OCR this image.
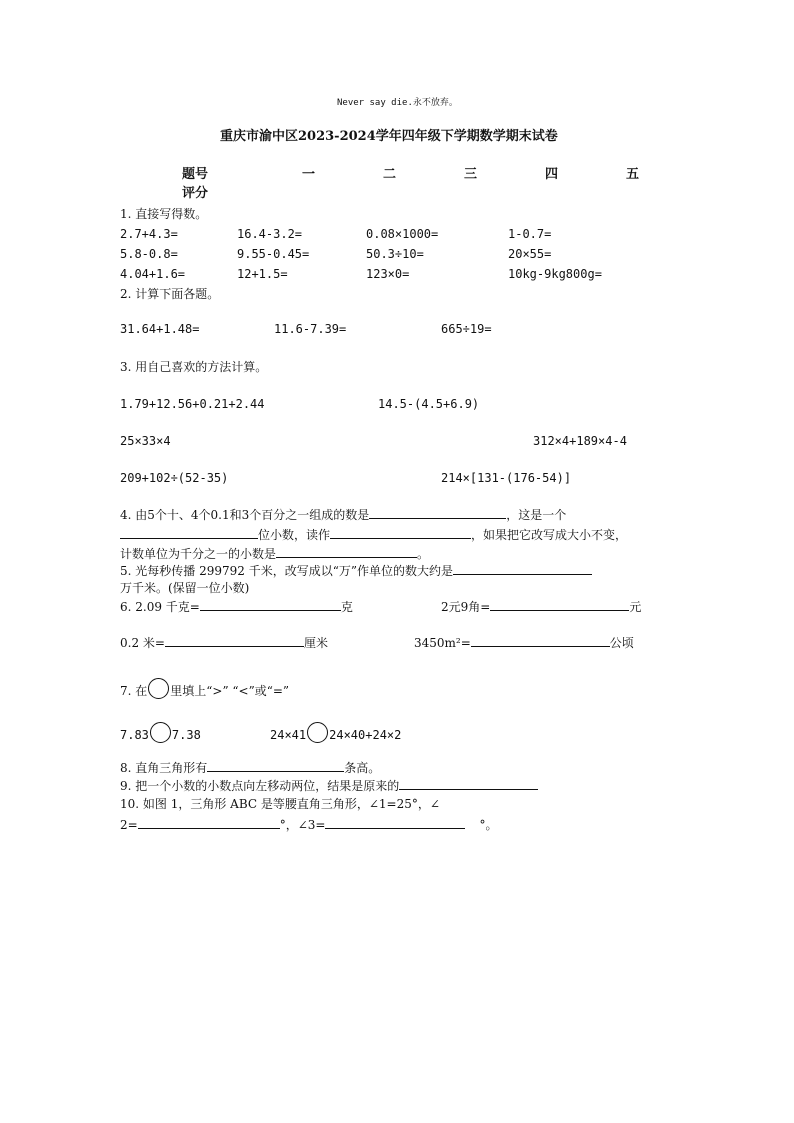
Never say die.永不放弃。
重庆市渝中区2023-2024学年四年级下学期数学期末试卷
题号	一	二	三	四	五
评分
1. 直接写得数。
2.7+4.3=	16.4-3.2=	0.08×1000=	1-0.7=
5.8-0.8=	9.55-0.45=	50.3÷10=	20×55=
4.04+1.6=	12+1.5=	123×0=	10kg-9kg800g=
2. 计算下面各题。
31.64+1.48=	11.6-7.39=	665÷19=
3. 用自己喜欢的方法计算。
1.79+12.56+0.21+2.44	14.5-(4.5+6.9)
25×33×4	312×4+189×4-4
209+102÷(52-35)	214×[131-(176-54)]
4. 由5个十、4个0.1和3个百分之一组成的数是	，这是一个
位小数，读作	，如果把它改写成大小不变，
计数单位为千分之一的小数是	。
5. 光每秒传播 299792 千米，改写成以“万”作单位的数大约是
万千米。(保留一位小数)
6. 2.09 千克=	克	2元9角=	元
0.2 米=	厘米	3450m²=	公顷
7. 在 里填上“>” “<”或“=”
7.83 7.38	24×41 24×40+24×2
8. 直角三角形有	条高。
9. 把一个小数的小数点向左移动两位，结果是原来的
10. 如图 1，三角形 ABC 是等腰直角三角形，∠1=25°，∠
2=	°，∠3=	°。
